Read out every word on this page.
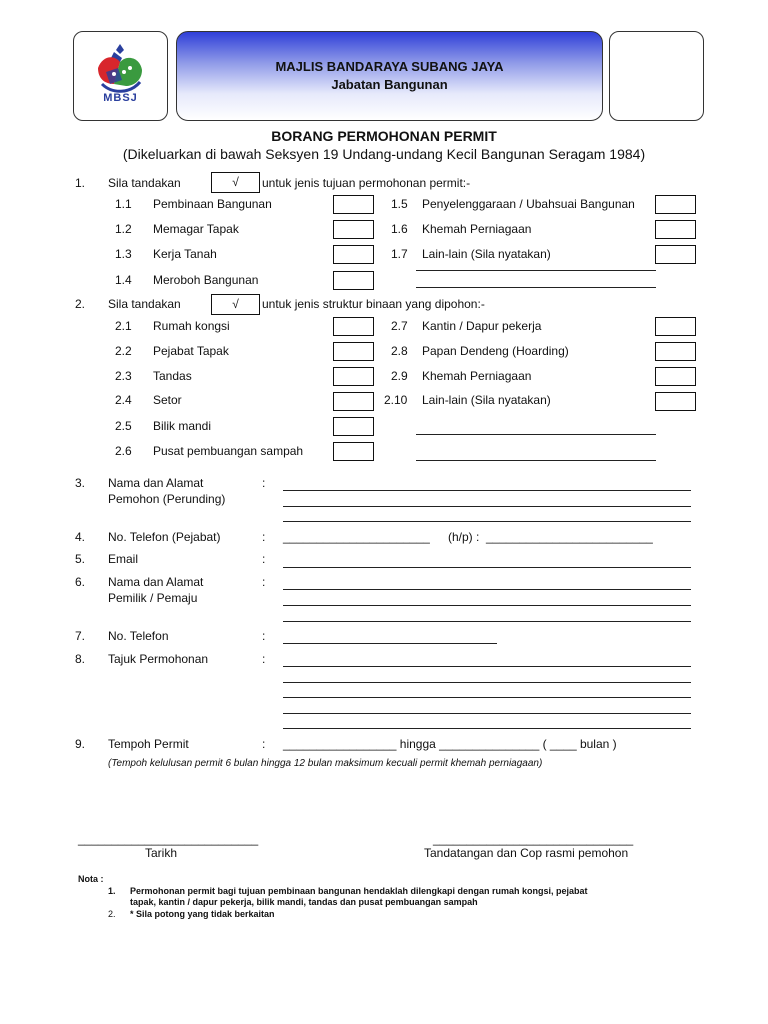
MBSJ
MAJLIS BANDARAYA SUBANG JAYA
Jabatan Bangunan
BORANG PERMOHONAN PERMIT
(Dikeluarkan di bawah Seksyen 19 Undang-undang Kecil Bangunan Seragam 1984)
1. Sila tandakan	√	untuk jenis tujuan permohonan permit:-
1.1 Pembinaan Bangunan
1.2 Memagar Tapak
1.3 Kerja Tanah
1.4 Meroboh Bangunan
1.5 Penyelenggaraan / Ubahsuai Bangunan
1.6 Khemah Perniagaan
1.7 Lain-lain (Sila nyatakan)
2. Sila tandakan	√	untuk jenis struktur binaan yang dipohon:-
2.1 Rumah kongsi
2.2 Pejabat Tapak
2.3 Tandas
2.4 Setor
2.5 Bilik mandi
2.6 Pusat pembuangan sampah
2.7 Kantin / Dapur pekerja
2.8 Papan Dendeng (Hoarding)
2.9 Khemah Perniagaan
2.10 Lain-lain (Sila nyatakan)
3. Nama dan Alamat
Pemohon (Perunding)
:
4. No. Telefon (Pejabat)	: ______________________ (h/p) : _________________________
5. Email	:
6. Nama dan Alamat
Pemilik / Pemaju
:
7. No. Telefon	:
8. Tajuk Permohonan	:
9. Tempoh Permit	: _________________ hingga _______________ ( ____ bulan )
(Tempoh kelulusan permit 6 bulan hingga 12 bulan maksimum kecuali permit khemah perniagaan)
___________________________
Tarikh
______________________________
Tandatangan dan Cop rasmi pemohon
Nota :
1. Permohonan permit bagi tujuan pembinaan bangunan hendaklah dilengkapi dengan rumah kongsi, pejabat
tapak, kantin / dapur pekerja, bilik mandi, tandas dan pusat pembuangan sampah
2. * Sila potong yang tidak berkaitan
